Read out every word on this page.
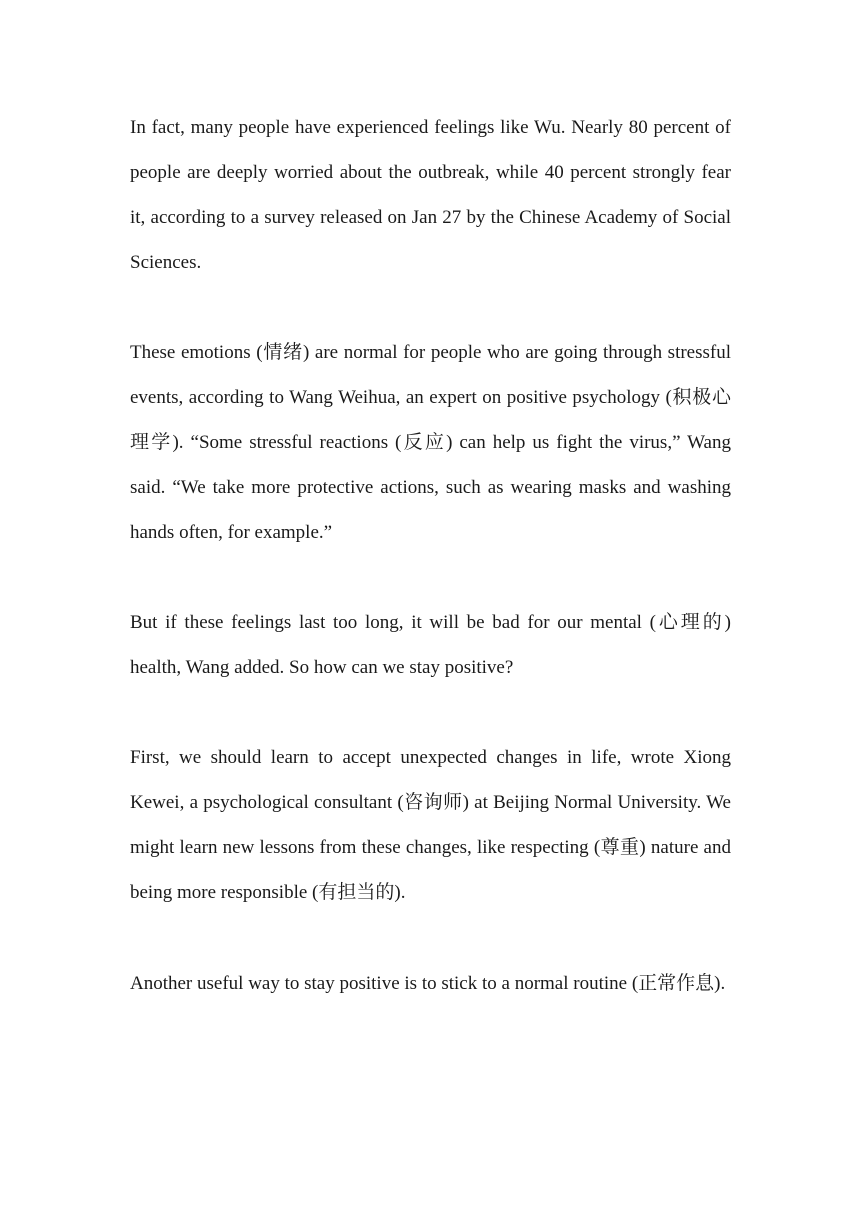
In fact, many people have experienced feelings like Wu. Nearly 80 percent of people are deeply worried about the outbreak, while 40 percent strongly fear it, according to a survey released on Jan 27 by the Chinese Academy of Social Sciences.

These emotions (情绪) are normal for people who are going through stressful events, according to Wang Weihua, an expert on positive psychology (积极心理学). “Some stressful reactions (反应) can help us fight the virus,” Wang said. “We take more protective actions, such as wearing masks and washing hands often, for example.”

But if these feelings last too long, it will be bad for our mental (心理的) health, Wang added. So how can we stay positive?

First, we should learn to accept unexpected changes in life, wrote Xiong Kewei, a psychological consultant (咨询师) at Beijing Normal University. We might learn new lessons from these changes, like respecting (尊重) nature and being more responsible (有担当的).

Another useful way to stay positive is to stick to a normal routine (正常作息).
